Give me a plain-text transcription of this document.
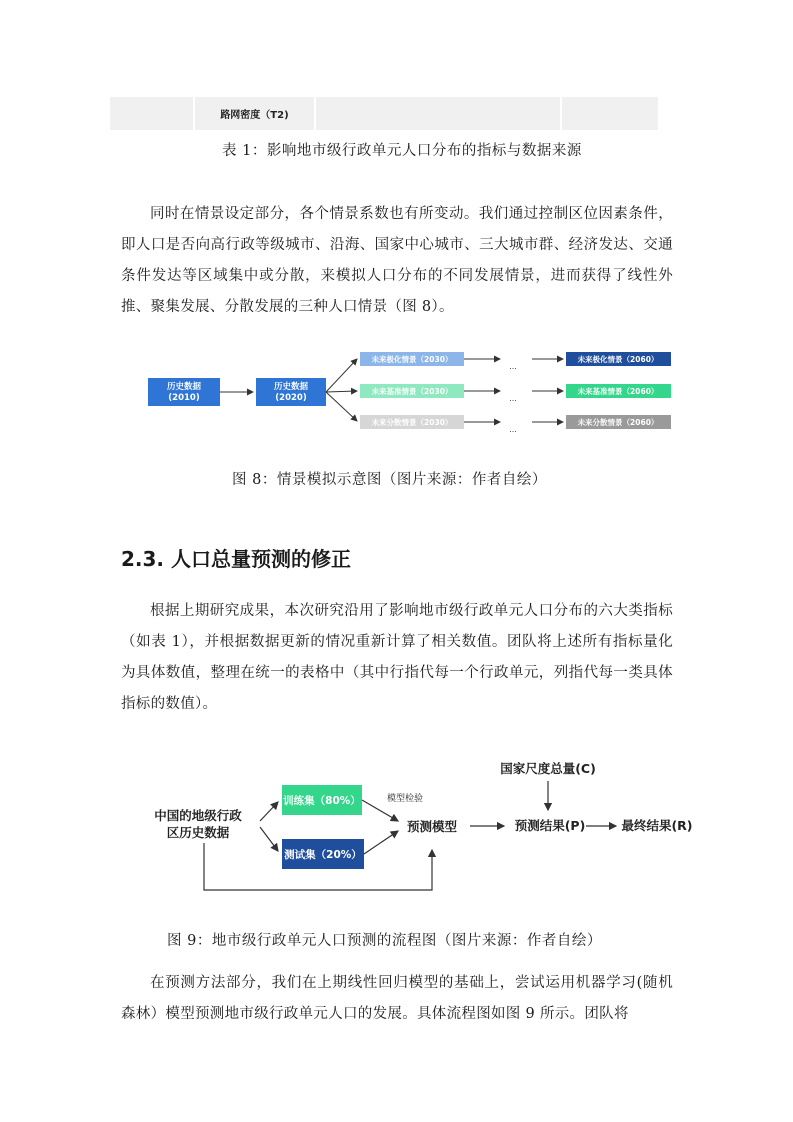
路网密度（T2)
表 1：影响地市级行政单元人口分布的指标与数据来源

同时在情景设定部分，各个情景系数也有所变动。我们通过控制区位因素条件，即人口是否向高行政等级城市、沿海、国家中心城市、三大城市群、经济发达、交通条件发达等区域集中或分散，来模拟人口分布的不同发展情景，进而获得了线性外推、聚集发展、分散发展的三种人口情景（图 8）。

历史数据
(2010)
历史数据
(2020)
未来极化情景（2030）
未来基准情景（2030）
未来分散情景（2030）
...
...
...
未来极化情景（2060）
未来基准情景（2060）
未来分散情景（2060）
图 8：情景模拟示意图（图片来源：作者自绘）
2.3. 人口总量预测的修正

根据上期研究成果，本次研究沿用了影响地市级行政单元人口分布的六大类指标（如表 1），并根据数据更新的情况重新计算了相关数值。团队将上述所有指标量化为具体数值，整理在统一的表格中（其中行指代每一个行政单元，列指代每一类具体指标的数值）。

中国的地级行政
区历史数据
训练集（80%）
测试集（20%）
模型检验
预测模型	预测结果(P)
国家尺度总量(C)
最终结果(R)
图 9：地市级行政单元人口预测的流程图（图片来源：作者自绘）

在预测方法部分，我们在上期线性回归模型的基础上，尝试运用机器学习(随机森林）模型预测地市级行政单元人口的发展。具体流程图如图 9 所示。团队将
